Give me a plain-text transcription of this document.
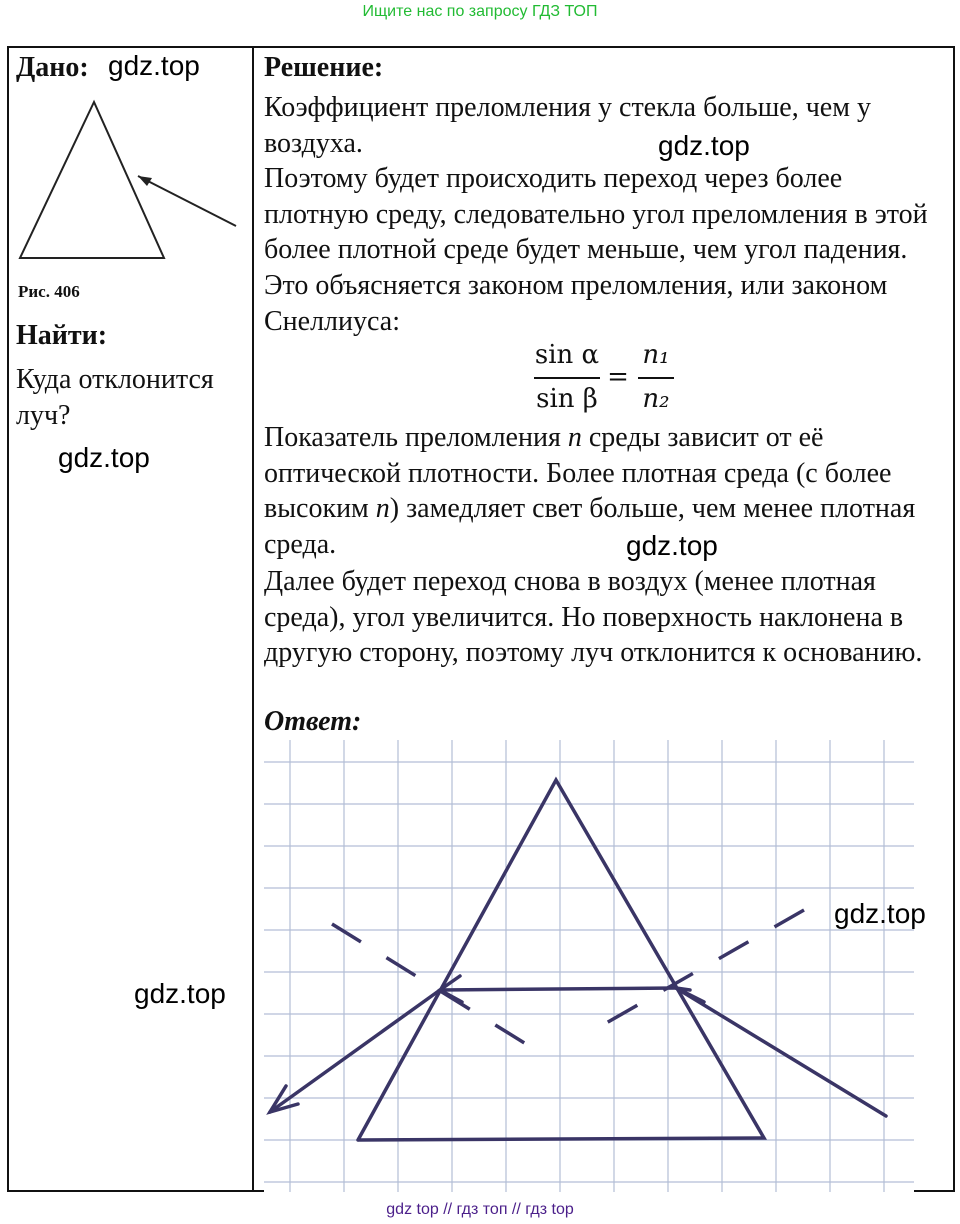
Ищите нас по запросу ГДЗ ТОП
Дано: gdz.top
Рис. 406
Найти:
Куда отклонится луч?
gdz.top
Решение:
Коэффициент преломления у стекла больше, чем у воздуха.
Поэтому будет происходить переход через более плотную среду, следовательно угол преломления в этой более плотной среде будет меньше, чем угол падения. Это объясняется законом преломления, или законом Снеллиуса:
gdz.top
sin α
sin β
=
n₁
n₂
Показатель преломления n среды зависит от её оптической плотности. Более плотная среда (с более высоким n) замедляет свет больше, чем менее плотная среда.	gdz.top
Далее будет переход снова в воздух (менее плотная среда), угол увеличится. Но поверхность наклонена в другую сторону, поэтому луч отклонится к основанию.
Ответ:
gdz.top
gdz.top
gdz top // гдз топ // гдз top
